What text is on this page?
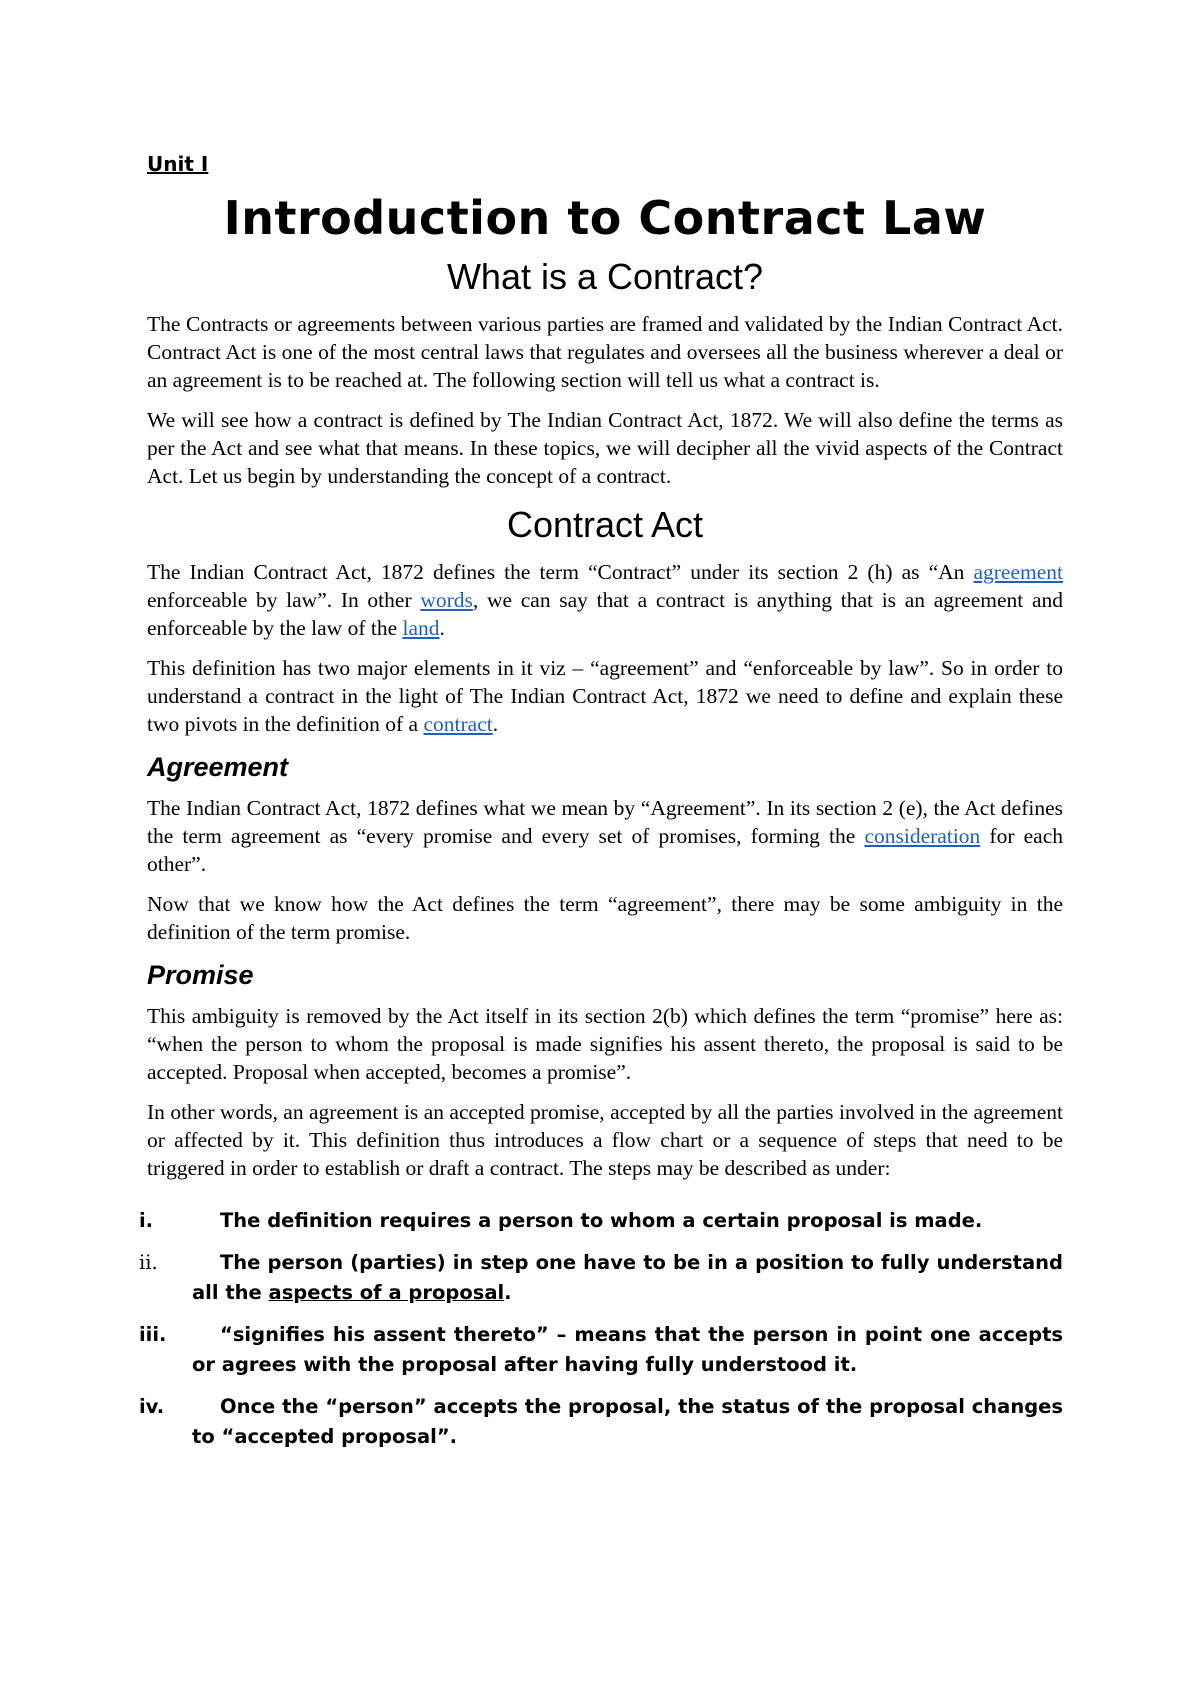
Unit I
Introduction to Contract Law
What is a Contract?

The Contracts or agreements between various parties are framed and validated by the Indian Contract Act. Contract Act is one of the most central laws that regulates and oversees all the business wherever a deal or an agreement is to be reached at. The following section will tell us what a contract is.

We will see how a contract is defined by The Indian Contract Act, 1872. We will also define the terms as per the Act and see what that means. In these topics, we will decipher all the vivid aspects of the Contract Act. Let us begin by understanding the concept of a contract.

Contract Act

The Indian Contract Act, 1872 defines the term “Contract” under its section 2 (h) as “An agreement enforceable by law”. In other words, we can say that a contract is anything that is an agreement and enforceable by the law of the land.

This definition has two major elements in it viz – “agreement” and “enforceable by law”. So in order to understand a contract in the light of The Indian Contract Act, 1872 we need to define and explain these two pivots in the definition of a contract.

Agreement

The Indian Contract Act, 1872 defines what we mean by “Agreement”. In its section 2 (e), the Act defines the term agreement as “every promise and every set of promises, forming the consideration for each other”.

Now that we know how the Act defines the term “agreement”, there may be some ambiguity in the definition of the term promise.

Promise

This ambiguity is removed by the Act itself in its section 2(b) which defines the term “promise” here as: “when the person to whom the proposal is made signifies his assent thereto, the proposal is said to be accepted. Proposal when accepted, becomes a promise”.

In other words, an agreement is an accepted promise, accepted by all the parties involved in the agreement or affected by it. This definition thus introduces a flow chart or a sequence of steps that need to be triggered in order to establish or draft a contract. The steps may be described as under:

i.	The definition requires a person to whom a certain proposal is made.
ii.	The person (parties) in step one have to be in a position to fully understand all the aspects of a proposal.
iii.	“signifies his assent thereto” – means that the person in point one accepts or agrees with the proposal after having fully understood it.
iv.	Once the “person” accepts the proposal, the status of the proposal changes to “accepted proposal”.
